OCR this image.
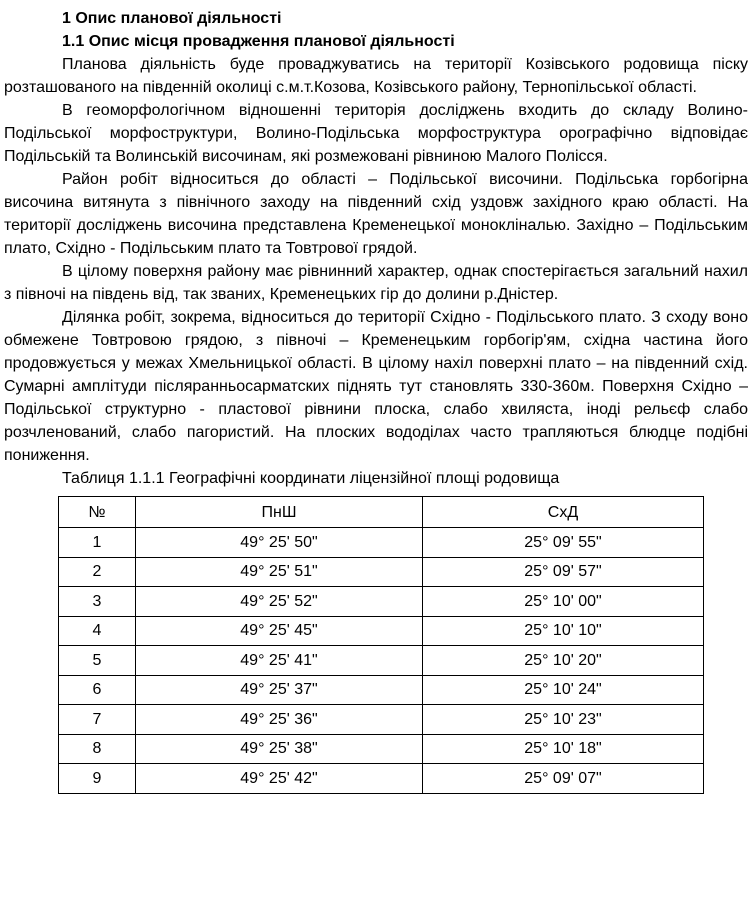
1 Опис планової діяльності
1.1 Опис місця провадження планової діяльності

Планова діяльність буде проваджуватись на території Козівського родовища піску розташованого на південній околиці с.м.т.Козова, Козівського району, Тернопільської області.

В геоморфологічном відношенні територія досліджень входить до складу Волино-Подільської морфоструктури, Волино-Подільська морфоструктура орографічно відповідає Подільській та Волинській височинам, які розмежовані рівниною Малого Полісся.

Район робіт відноситься до області – Подільської височини. Подільська горбогірна височина витянута з північного заходу на південний схід уздовж західного краю області. На території досліджень височина представлена Кременецької монокліналью. Західно – Подільським плато, Східно - Подільським плато та Товтрової грядой.

В цілому поверхня району має рівнинний характер, однак спостерігається загальний нахил з півночі на південь від, так званих, Кременецьких гір до долини р.Дністер.

Ділянка робіт, зокрема, відноситься до території Східно - Подільського плато. З сходу воно обмежене Товтровою грядою, з півночі – Кременецьким горбогір'ям, східна частина його продовжується у межах Хмельницької області. В цілому нахіл поверхні плато – на південний схід. Сумарні амплітуди післяранньосарматских піднять тут становлять 330-360м. Поверхня Східно – Подільської структурно - пластової рівнини плоска, слабо хвиляста, іноді рельєф слабо розчленований, слабо пагористий. На плоских вододілах часто трапляються блюдце подібні пониження.

Таблиця 1.1.1 Географічні координати ліцензійної площі родовища
№	ПнШ	СхД
1	49° 25' 50"	25° 09' 55"
2	49° 25' 51"	25° 09' 57"
3	49° 25' 52"	25° 10' 00"
4	49° 25' 45"	25° 10' 10"
5	49° 25' 41"	25° 10' 20"
6	49° 25' 37"	25° 10' 24"
7	49° 25' 36"	25° 10' 23"
8	49° 25' 38"	25° 10' 18"
9	49° 25' 42"	25° 09' 07"
